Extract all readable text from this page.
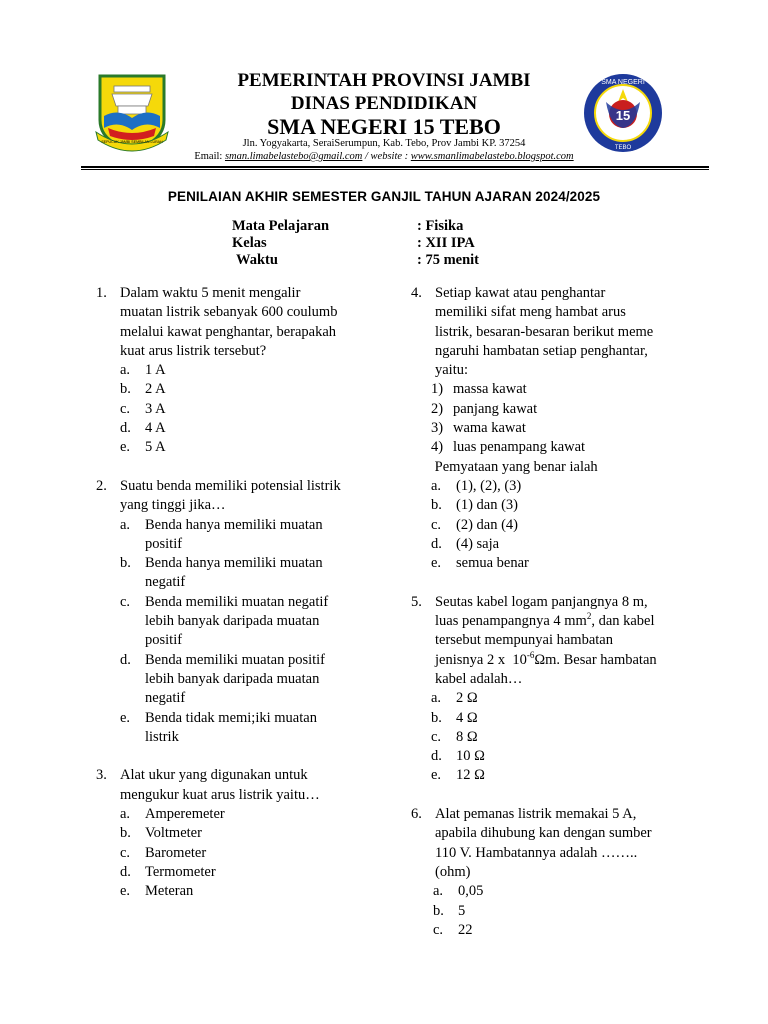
SEPUCUK JAMBI SEMBILAN LURAH
15
SMA NEGERI
TEBO
PEMERINTAH PROVINSI JAMBI
DINAS PENDIDIKAN
SMA NEGERI 15 TEBO
Jln. Yogyakarta, SeraiSerumpun, Kab. Tebo, Prov Jambi KP. 37254
Email: sman.limabelastebo@gmail.com / website : www.smanlimabelastebo.blogspot.com
PENILAIAN AKHIR SEMESTER GANJIL TAHUN AJARAN 2024/2025
Mata Pelajaran	: Fisika
Kelas	: XII IPA
Waktu	: 75 menit
1. Dalam waktu 5 menit mengalir
muatan listrik sebanyak 600 coulumb
melalui kawat penghantar, berapakah
kuat arus listrik tersebut?
a.	1 A
b. 2 A
c.	3 A
d. 4 A
e.	5 A
2. Suatu benda memiliki potensial listrik
yang tinggi jika…
a.	Benda hanya memiliki muatan
positif
b. Benda hanya memiliki muatan
negatif
c.	Benda memiliki muatan negatif
lebih banyak daripada muatan
positif
d. Benda memiliki muatan positif
lebih banyak daripada muatan
negatif
e.	Benda tidak memi;iki muatan
listrik
3. Alat ukur yang digunakan untuk
mengukur kuat arus listrik yaitu…
a.	Amperemeter
b. Voltmeter
c.	Barometer
d. Termometer
e.	Meteran
4. Setiap kawat atau penghantar
memiliki sifat meng hambat arus
listrik, besaran-besaran berikut meme
ngaruhi hambatan setiap penghantar,
yaitu:
1) massa kawat
2) panjang kawat
3) wama kawat
4) luas penampang kawat
Pemyataan yang benar ialah
a.	(1), (2), (3)
b. (1) dan (3)
c.	(2) dan (4)
d. (4) saja
e.	semua benar
5. Seutas kabel logam panjangnya 8 m,
luas penampangnya 4 $mm^2$, dan kabel
tersebut mempunyai hambatan
jenisnya 2 x  $10^{-6}\Omega m$. Besar hambatan
kabel adalah…
a.	2 Ω
b. 4 Ω
c.	8 Ω
d. 10 Ω
e.	12 Ω
6. Alat pemanas listrik memakai 5 A,
apabila dihubung kan dengan sumber
110 V. Hambatannya adalah ……..
(ohm)
a.	0,05
b. 5
c.	22
